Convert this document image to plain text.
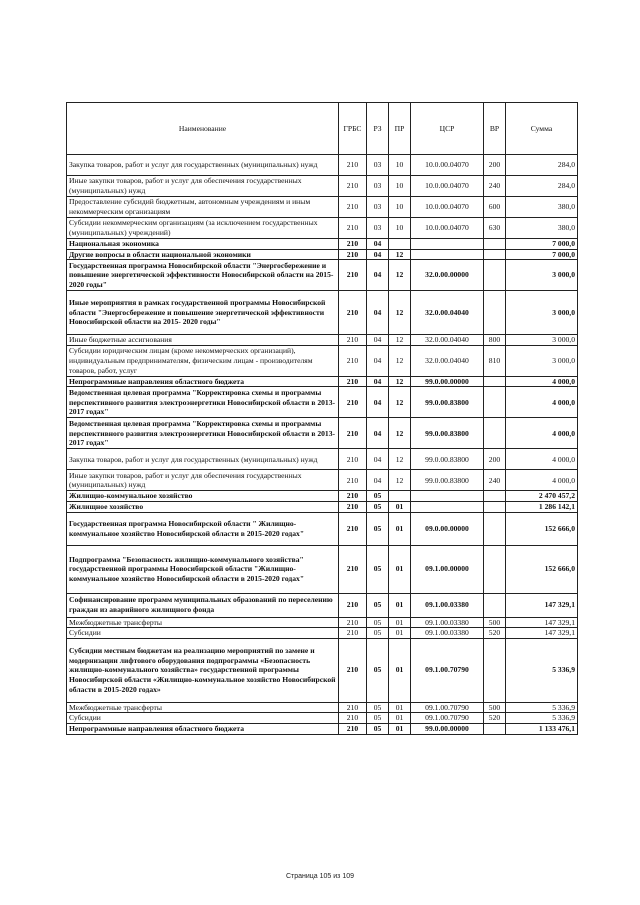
Наименование	ГРБС	РЗ	ПР	ЦСР	ВР	Сумма
Закупка товаров, работ и услуг для государственных (муниципальных) нужд	210	03	10	10.0.00.04070	200	284,0
Иные закупки товаров, работ и услуг для обеспечения государственных (муниципальных) нужд	210	03	10	10.0.00.04070	240	284,0
Предоставление субсидий бюджетным, автономным учреждениям и иным некоммерческим организациям	210	03	10	10.0.00.04070	600	380,0
Субсидии некоммерческим организациям (за исключением государственных (муниципальных) учреждений)	210	03	10	10.0.00.04070	630	380,0
Национальная экономика	210	04				7 000,0
Другие вопросы в области национальной экономики	210	04	12			7 000,0
Государственная программа Новосибирской области "Энергосбережение и повышение энергетической эффективности Новосибирской области на 2015- 2020 годы"	210	04	12	32.0.00.00000		3 000,0
Иные мероприятия в рамках государственной программы Новосибирской области "Энергосбережение и повышение энергетической эффективности Новосибирской области на 2015- 2020 годы"	210	04	12	32.0.00.04040		3 000,0
Иные бюджетные ассигнования	210	04	12	32.0.00.04040	800	3 000,0
Субсидии юридическим лицам (кроме некоммерческих организаций), индивидуальным предпринимателям, физическим лицам - производителям товаров, работ, услуг	210	04	12	32.0.00.04040	810	3 000,0
Непрограммные направления областного бюджета	210	04	12	99.0.00.00000		4 000,0
Ведомственная целевая программа "Корректировка схемы и программы перспективного развития электроэнергетики Новосибирской области в 2013-2017 годах"	210	04	12	99.0.00.83800		4 000,0
Ведомственная целевая программа "Корректировка схемы и программы перспективного развития электроэнергетики Новосибирской области в 2013-2017 годах"	210	04	12	99.0.00.83800		4 000,0
Закупка товаров, работ и услуг для государственных (муниципальных) нужд	210	04	12	99.0.00.83800	200	4 000,0
Иные закупки товаров, работ и услуг для обеспечения государственных (муниципальных) нужд	210	04	12	99.0.00.83800	240	4 000,0
Жилищно-коммунальное хозяйство	210	05				2 470 457,2
Жилищное хозяйство	210	05	01			1 286 142,1
Государственная программа Новосибирской области " Жилищно-коммунальное хозяйство Новосибирской области в 2015-2020 годах"	210	05	01	09.0.00.00000		152 666,0
Подпрограмма "Безопасность жилищно-коммунального хозяйства" государственной программы Новосибирской области "Жилищно-коммунальное хозяйство Новосибирской области в 2015-2020 годах"	210	05	01	09.1.00.00000		152 666,0
Софинансирование программ муниципальных образований по переселению граждан из аварийного жилищного фонда	210	05	01	09.1.00.03380		147 329,1
Межбюджетные трансферты	210	05	01	09.1.00.03380	500	147 329,1
Субсидии	210	05	01	09.1.00.03380	520	147 329,1
Субсидии местным бюджетам на реализацию мероприятий по замене и модернизации лифтового оборудования подпрограммы «Безопасность жилищно-коммунального хозяйства» государственной программы Новосибирской области «Жилищно-коммунальное хозяйство Новосибирской области в 2015-2020 годах»	210	05	01	09.1.00.70790		5 336,9
Межбюджетные трансферты	210	05	01	09.1.00.70790	500	5 336,9
Субсидии	210	05	01	09.1.00.70790	520	5 336,9
Непрограммные направления областного бюджета	210	05	01	99.0.00.00000		1 133 476,1
Страница 105 из 109
